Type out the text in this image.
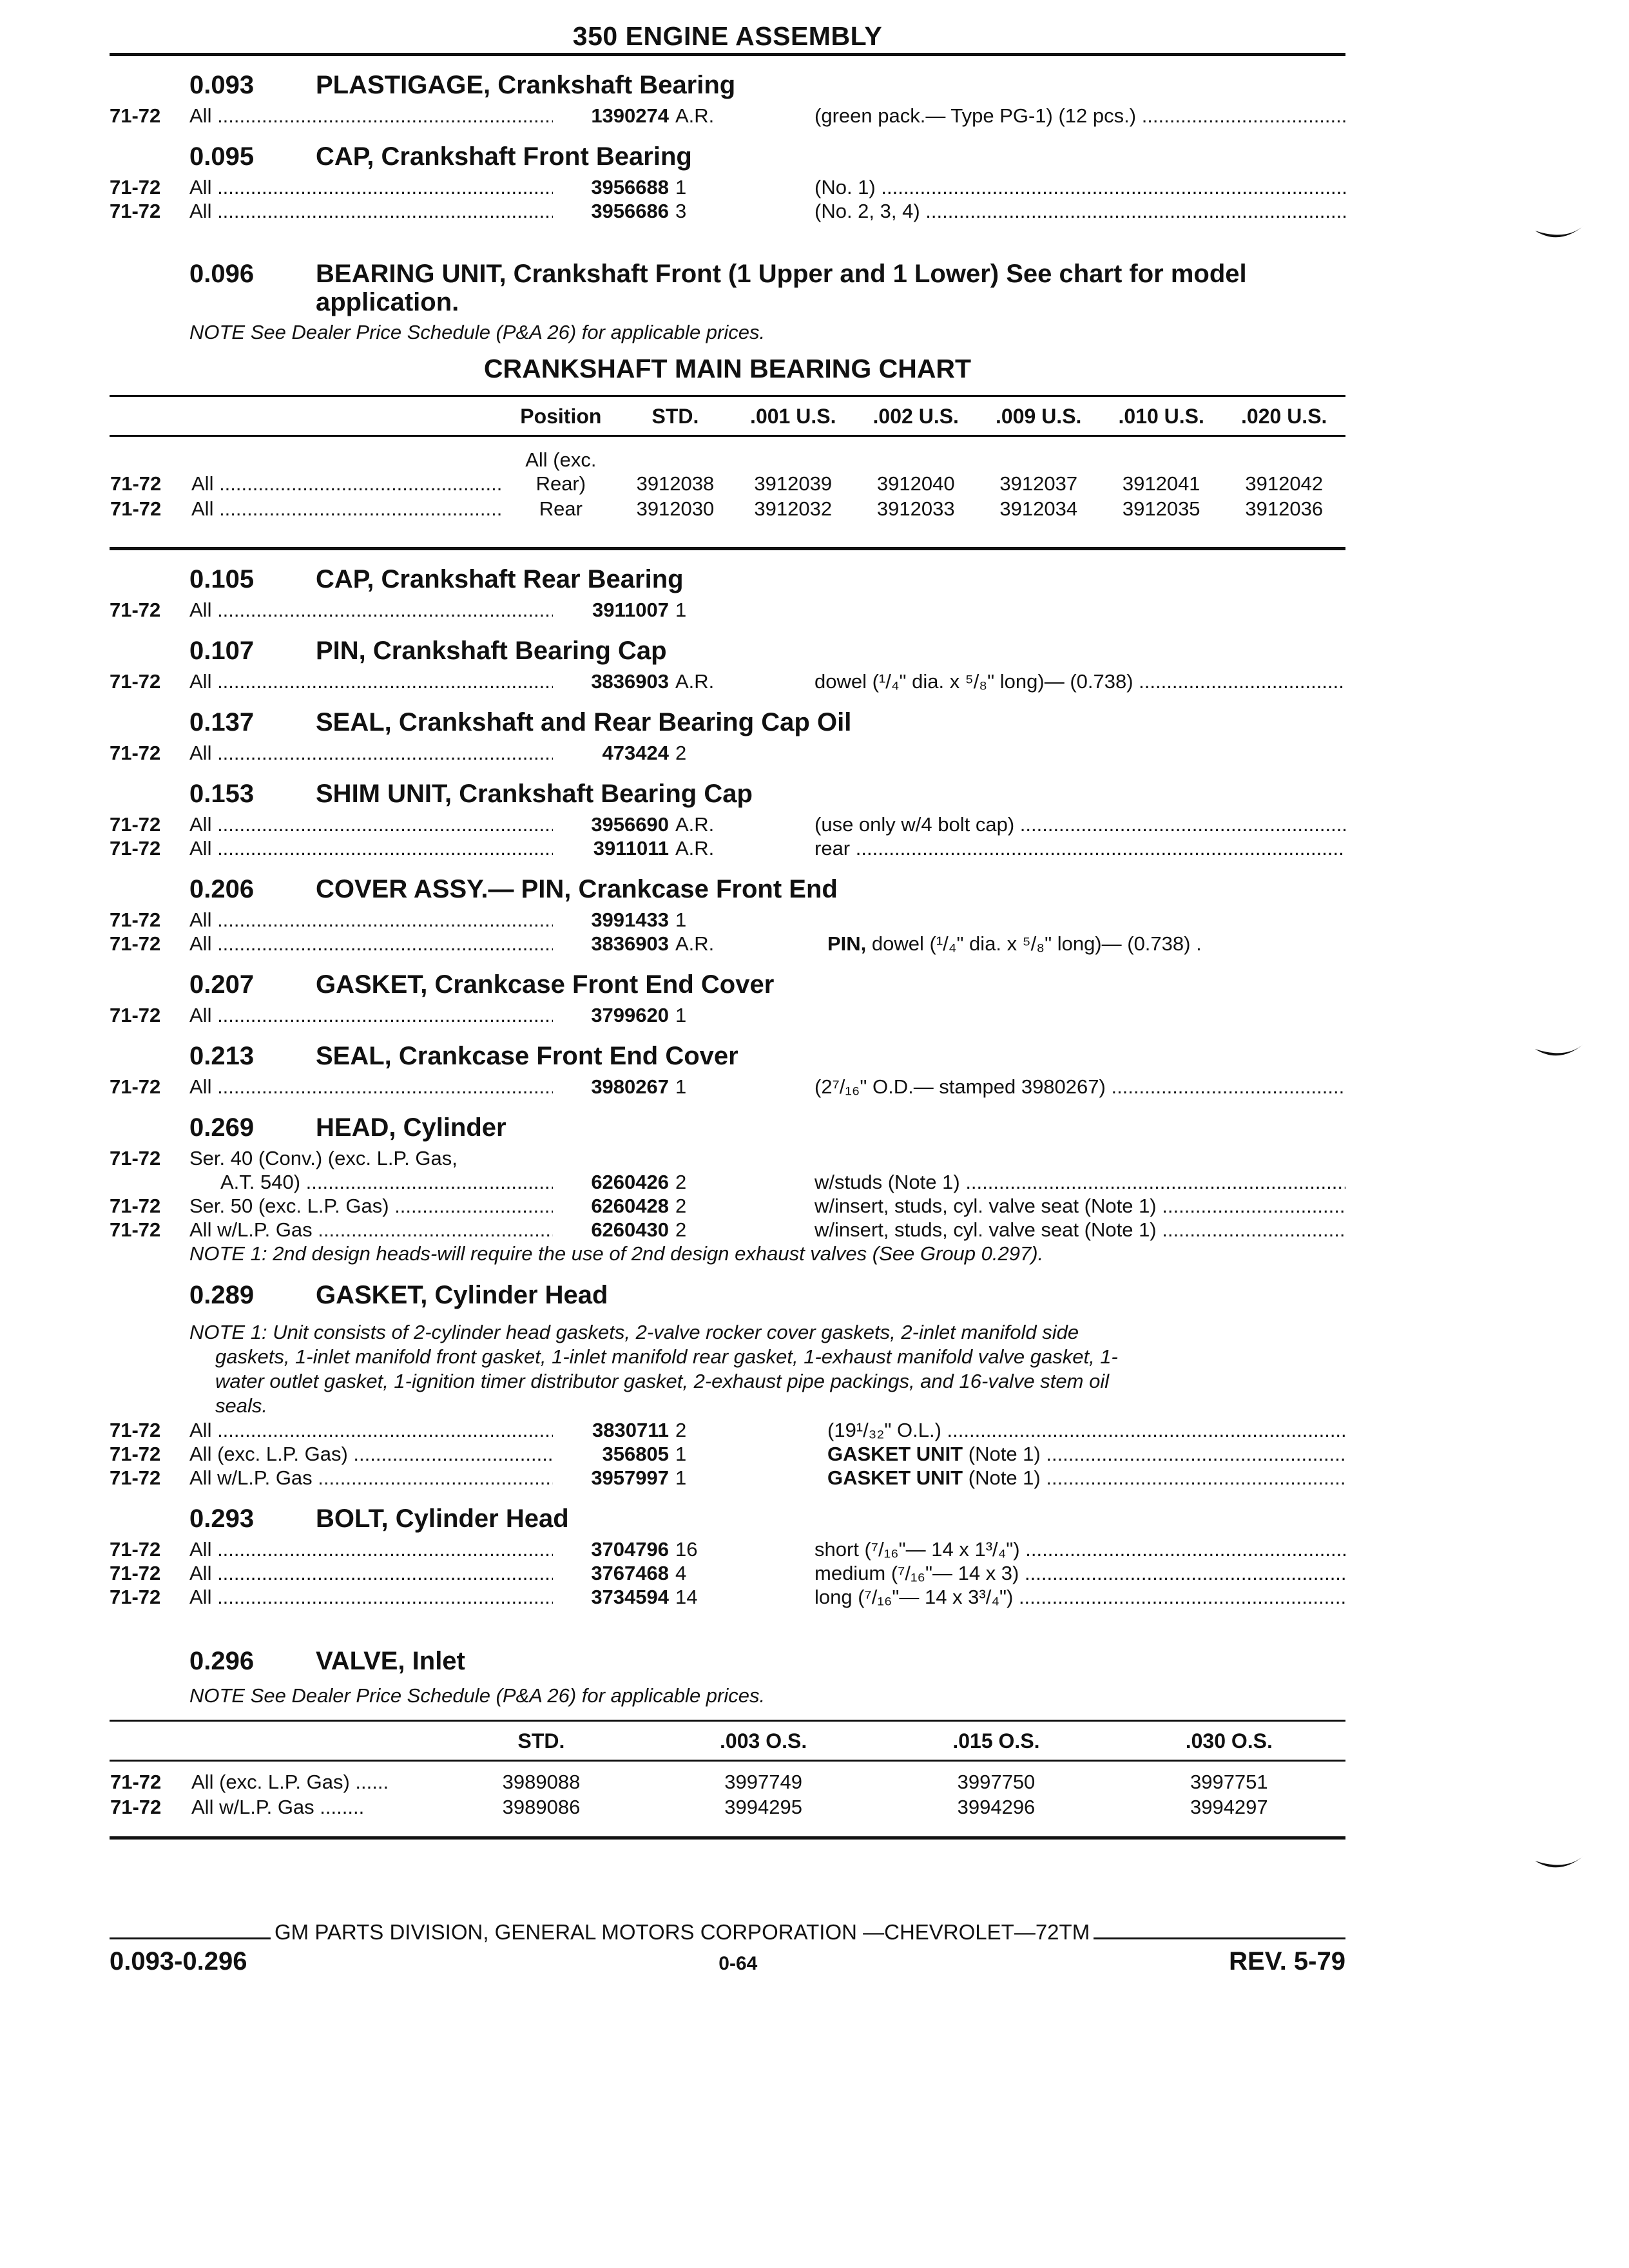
350 ENGINE ASSEMBLY
0.093	PLASTIGAGE, Crankshaft Bearing
71-72	All .....	1390274 A.R.	(green pack.— Type PG-1) (12 pcs.) .....
0.095	CAP, Crankshaft Front Bearing
71-72	All .....	3956688 1	(No. 1) .....
71-72	All .....	3956686 3	(No. 2, 3, 4) .....
0.096	BEARING UNIT, Crankshaft Front (1 Upper and 1 Lower) See chart for model application.
NOTE See Dealer Price Schedule (P&A 26) for applicable prices.
CRANKSHAFT MAIN BEARING CHART
		Position	STD.	.001 U.S.	.002 U.S.	.009 U.S.	.010 U.S.	.020 U.S.

71-72	All .....	All (exc.
Rear)	3912038	3912039	3912040	3912037	3912041	3912042
71-72	All .....	Rear	3912030	3912032	3912033	3912034	3912035	3912036
0.105	CAP, Crankshaft Rear Bearing
71-72	All .....	3911007 1
0.107	PIN, Crankshaft Bearing Cap
71-72	All .....	3836903 A.R.	dowel (¹/₄" dia. x ⁵/₈" long)— (0.738) .....
0.137	SEAL, Crankshaft and Rear Bearing Cap Oil
71-72	All .....	473424 2
0.153	SHIM UNIT, Crankshaft Bearing Cap
71-72	All .....	3956690 A.R.	(use only w/4 bolt cap) .....
71-72	All .....	3911011 A.R.	rear .....
0.206	COVER ASSY.— PIN, Crankcase Front End
71-72	All .....	3991433 1
71-72	All .....	3836903 A.R.	PIN, dowel (¹/₄" dia. x ⁵/₈" long)— (0.738) .
0.207	GASKET, Crankcase Front End Cover
71-72	All .....	3799620 1
0.213	SEAL, Crankcase Front End Cover
71-72	All .....	3980267 1	(2⁷/₁₆" O.D.— stamped 3980267) .....
0.269	HEAD, Cylinder
71-72	Ser. 40 (Conv.) (exc. L.P. Gas,
A.T. 540) .....	6260426 2	w/studs (Note 1) .....
71-72	Ser. 50 (exc. L.P. Gas) .....	6260428 2	w/insert, studs, cyl. valve seat (Note 1) .....
71-72	All w/L.P. Gas .....	6260430 2	w/insert, studs, cyl. valve seat (Note 1) .....
NOTE 1: 2nd design heads-will require the use of 2nd design exhaust valves (See Group 0.297).
0.289	GASKET, Cylinder Head
NOTE 1: Unit consists of 2-cylinder head gaskets, 2-valve rocker cover gaskets, 2-inlet manifold side
gaskets, 1-inlet manifold front gasket, 1-inlet manifold rear gasket, 1-exhaust manifold valve gasket, 1-
water outlet gasket, 1-ignition timer distributor gasket, 2-exhaust pipe packings, and 16-valve stem oil
seals.
71-72	All .....	3830711 2	(19¹/₃₂" O.L.) .....
71-72	All (exc. L.P. Gas) .....	356805 1	GASKET UNIT (Note 1) .....
71-72	All w/L.P. Gas .....	3957997 1	GASKET UNIT (Note 1) .....
0.293	BOLT, Cylinder Head
71-72	All .....	3704796 16	short (⁷/₁₆"— 14 x 1³/₄") .....
71-72	All .....	3767468 4	medium (⁷/₁₆"— 14 x 3) .....
71-72	All .....	3734594 14	long (⁷/₁₆"— 14 x 3³/₄") .....
0.296	VALVE, Inlet
NOTE See Dealer Price Schedule (P&A 26) for applicable prices.
		STD.	.003 O.S.	.015 O.S.	.030 O.S.

71-72	All (exc. L.P. Gas) ......	3989088	3997749	3997750	3997751
71-72	All w/L.P. Gas ........	3989086	3994295	3994296	3994297
GM PARTS DIVISION, GENERAL MOTORS CORPORATION —CHEVROLET—72TM
0.093-0.296	0-64	REV. 5-79
